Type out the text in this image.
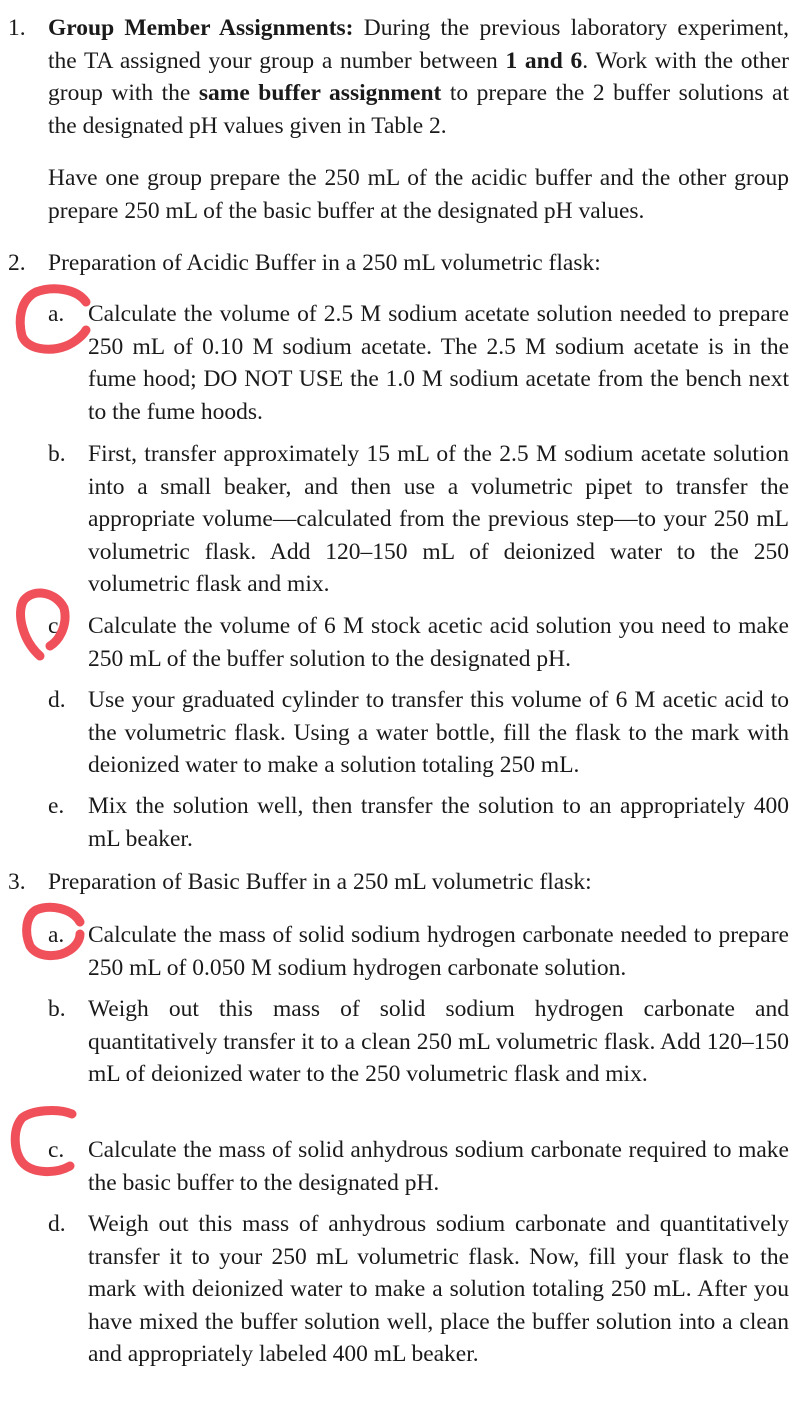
1. Group Member Assignments: During the previous laboratory experiment, the TA assigned your group a number between 1 and 6. Work with the other group with the same buffer assignment to prepare the 2 buffer solutions at the designated pH values given in Table 2.

Have one group prepare the 250 mL of the acidic buffer and the other group prepare 250 mL of the basic buffer at the designated pH values.

2. Preparation of Acidic Buffer in a 250 mL volumetric flask:

a. Calculate the volume of 2.5 M sodium acetate solution needed to prepare 250 mL of 0.10 M sodium acetate. The 2.5 M sodium acetate is in the fume hood; DO NOT USE the 1.0 M sodium acetate from the bench next to the fume hoods.

b. First, transfer approximately 15 mL of the 2.5 M sodium acetate solution into a small beaker, and then use a volumetric pipet to transfer the appropriate volume—calculated from the previous step—to your 250 mL volumetric flask. Add 120–150 mL of deionized water to the 250 volumetric flask and mix.

c. Calculate the volume of 6 M stock acetic acid solution you need to make 250 mL of the buffer solution to the designated pH.

d. Use your graduated cylinder to transfer this volume of 6 M acetic acid to the volumetric flask. Using a water bottle, fill the flask to the mark with deionized water to make a solution totaling 250 mL.

e. Mix the solution well, then transfer the solution to an appropriately 400 mL beaker.

3. Preparation of Basic Buffer in a 250 mL volumetric flask:

a. Calculate the mass of solid sodium hydrogen carbonate needed to prepare 250 mL of 0.050 M sodium hydrogen carbonate solution.

b. Weigh out this mass of solid sodium hydrogen carbonate and quantitatively transfer it to a clean 250 mL volumetric flask. Add 120–150 mL of deionized water to the 250 volumetric flask and mix.

c. Calculate the mass of solid anhydrous sodium carbonate required to make the basic buffer to the designated pH.

d. Weigh out this mass of anhydrous sodium carbonate and quantitatively transfer it to your 250 mL volumetric flask. Now, fill your flask to the mark with deionized water to make a solution totaling 250 mL. After you have mixed the buffer solution well, place the buffer solution into a clean and appropriately labeled 400 mL beaker.
